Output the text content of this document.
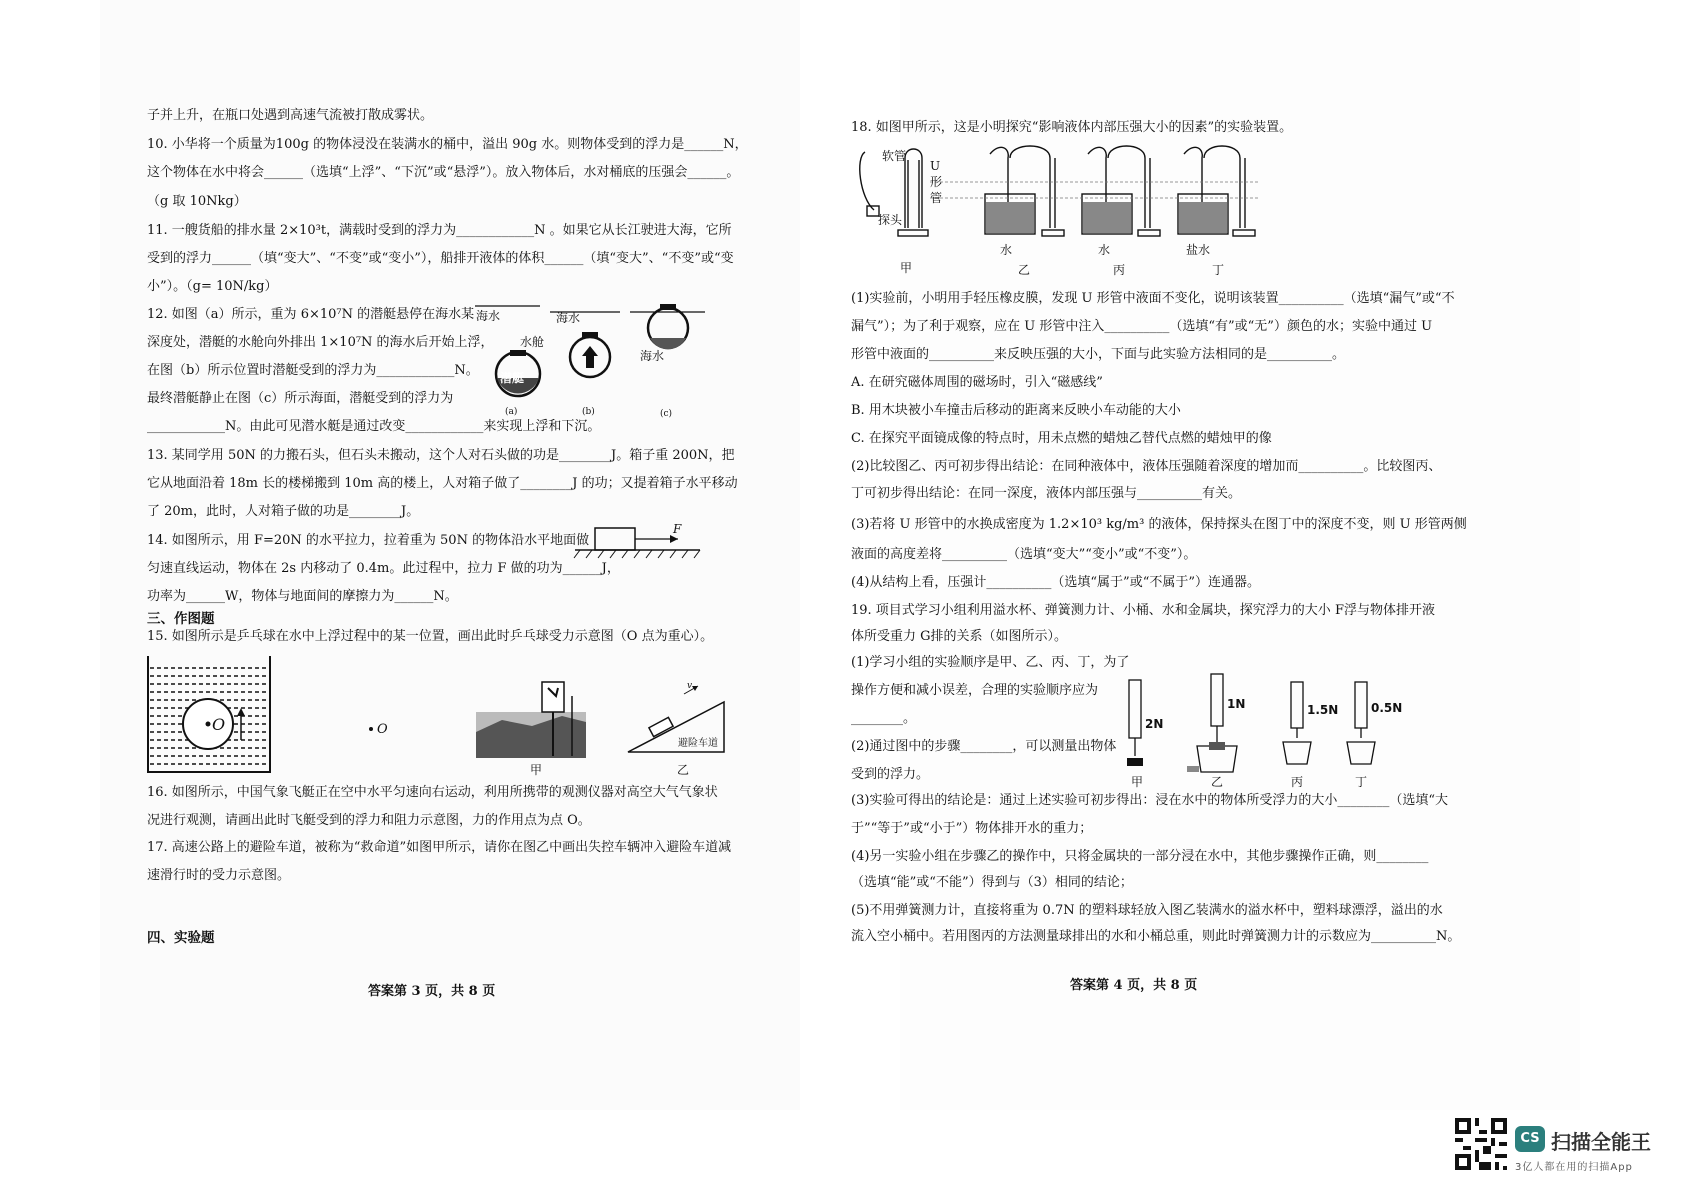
子并上升，在瓶口处遇到高速气流被打散成雾状。
10. 小华将一个质量为100g 的物体浸没在装满水的桶中，溢出 90g 水。则物体受到的浮力是______N，
这个物体在水中将会______（选填“上浮”、“下沉”或“悬浮”）。放入物体后，水对桶底的压强会______。
（g 取 10Nkg）
11. 一艘货船的排水量 2×10³t，满载时受到的浮力为____________N 。如果它从长江驶进大海，它所
受到的浮力______（填“变大”、“不变”或“变小”），船排开液体的体积______（填“变大”、“不变”或“变
小”）。（g= 10N/kg）
12. 如图（a）所示，重为 6×10⁷N 的潜艇悬停在海水某
深度处，潜艇的水舱向外排出 1×10⁷N 的海水后开始上浮，
在图（b）所示位置时潜艇受到的浮力为____________N。
最终潜艇静止在图（c）所示海面，潜艇受到的浮力为
____________N。由此可见潜水艇是通过改变____________来实现上浮和下沉。
13. 某同学用 50N 的力搬石头，但石头未搬动，这个人对石头做的功是________J。箱子重 200N，把
它从地面沿着 18m 长的楼梯搬到 10m 高的楼上，人对箱子做了________J 的功；又提着箱子水平移动
了 20m，此时，人对箱子做的功是________J。
14. 如图所示，用 F=20N 的水平拉力，拉着重为 50N 的物体沿水平地面做
匀速直线运动，物体在 2s 内移动了 0.4m。此过程中，拉力 F 做的功为______J，
功率为______W，物体与地面间的摩擦力为______N。
15. 如图所示是乒乓球在水中上浮过程中的某一位置，画出此时乒乓球受力示意图（O 点为重心）。
16. 如图所示，中国气象飞艇正在空中水平匀速向右运动，利用所携带的观测仪器对高空大气气象状
况进行观测，请画出此时飞艇受到的浮力和阻力示意图，力的作用点为点 O。
17. 高速公路上的避险车道，被称为“救命道”如图甲所示，请你在图乙中画出失控车辆冲入避险车道减
速滑行时的受力示意图。
三、作图题
四、实验题
答案第 3 页，共 8 页
海水	海水
潜艇
水舱
海水
(a)	(b)	(c)
F
O	O
甲
v
避险车道
乙
18. 如图甲所示，这是小明探究“影响液体内部压强大小的因素”的实验装置。
(1)实验前，小明用手轻压橡皮膜，发现 U 形管中液面不变化，说明该装置__________（选填“漏气”或“不
漏气”）；为了利于观察，应在 U 形管中注入__________（选填“有”或“无”）颜色的水；实验中通过 U
形管中液面的__________来反映压强的大小，下面与此实验方法相同的是__________。
A. 在研究磁体周围的磁场时，引入“磁感线”
B. 用木块被小车撞击后移动的距离来反映小车动能的大小
C. 在探究平面镜成像的特点时，用未点燃的蜡烛乙替代点燃的蜡烛甲的像
(2)比较图乙、丙可初步得出结论：在同种液体中，液体压强随着深度的增加而__________。比较图丙、
丁可初步得出结论：在同一深度，液体内部压强与__________有关。
(3)若将 U 形管中的水换成密度为 1.2×10³ kg/m³ 的液体，保持探头在图丁中的深度不变，则 U 形管两侧
液面的高度差将__________（选填“变大”“变小”或“不变”）。
(4)从结构上看，压强计__________（选填“属于”或“不属于”）连通器。
19. 项目式学习小组利用溢水杯、弹簧测力计、小桶、水和金属块，探究浮力的大小 F浮与物体排开液
体所受重力 G排的关系（如图所示）。
(1)学习小组的实验顺序是甲、乙、丙、丁，为了
操作方便和减小误差，合理的实验顺序应为
________。
(2)通过图中的步骤________，可以测量出物体
受到的浮力。
(3)实验可得出的结论是：通过上述实验可初步得出：浸在水中的物体所受浮力的大小________（选填“大
于”“等于”或“小于”）物体排开水的重力；
(4)另一实验小组在步骤乙的操作中，只将金属块的一部分浸在水中，其他步骤操作正确，则________
（选填“能”或“不能”）得到与（3）相同的结论；
(5)不用弹簧测力计，直接将重为 0.7N 的塑料球轻放入图乙装满水的溢水杯中，塑料球漂浮，溢出的水
流入空小桶中。若用图丙的方法测量球排出的水和小桶总重，则此时弹簧测力计的示数应为__________N。
答案第 4 页，共 8 页
软管
探头
U
形
管
水	水	盐水
甲	乙	丙	丁
2N
1N	1.5N	0.5N
甲	乙	丙	丁
CS 扫描全能王
3亿人都在用的扫描App
